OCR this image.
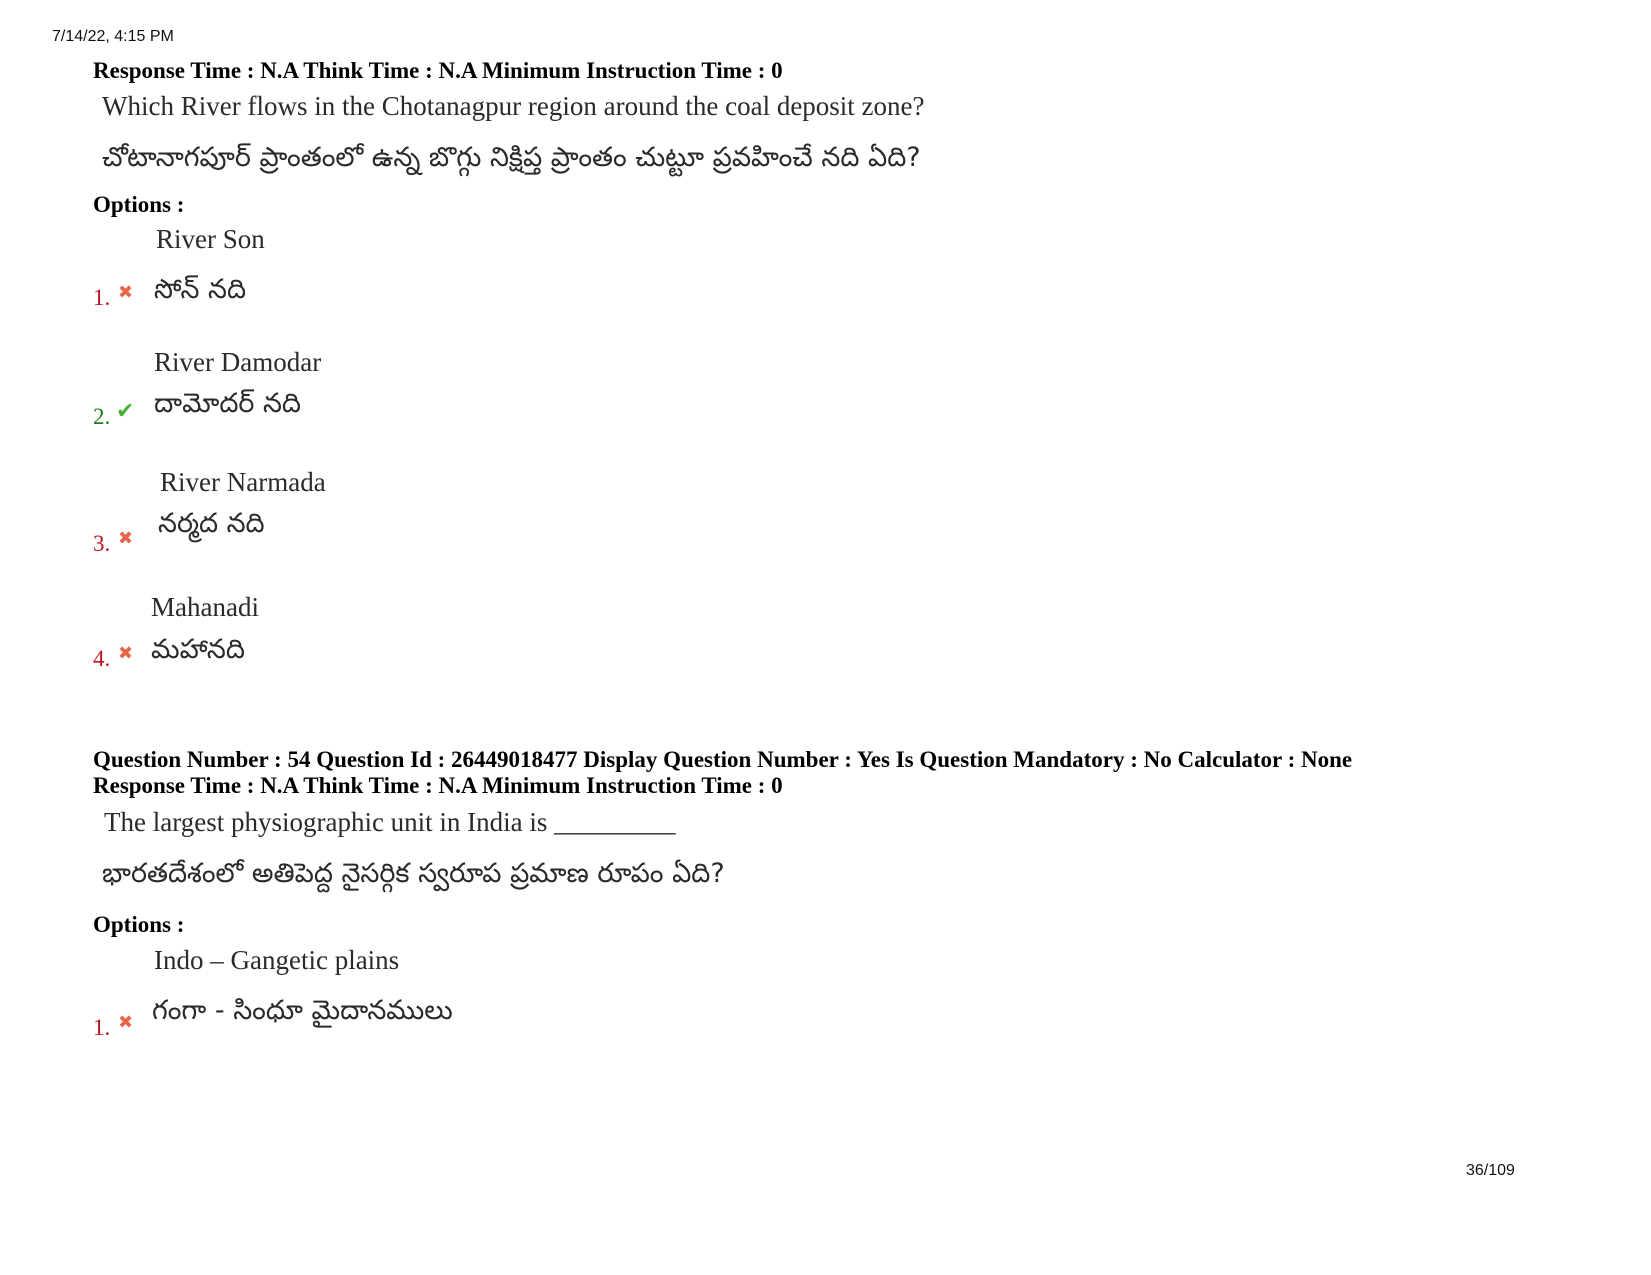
7/14/22, 4:15 PM
Response Time : N.A Think Time : N.A Minimum Instruction Time : 0
Which River flows in the Chotanagpur region around the coal deposit zone?
చోటానాగపూర్ ప్రాంతంలో ఉన్న బొగ్గు నిక్షిప్త ప్రాంతం చుట్టూ ప్రవహించే నది ఏది?
Options :
River Son
1. ✖ సోన్ నది
River Damodar
2. ✔ దామోదర్ నది
River Narmada
3. ✖ నర్మద నది
Mahanadi
4. ✖ మహానది
Question Number : 54 Question Id : 26449018477 Display Question Number : Yes Is Question Mandatory : No Calculator : None
Response Time : N.A Think Time : N.A Minimum Instruction Time : 0
The largest physiographic unit in India is _________
భారతదేశంలో అతిపెద్ద నైసర్గిక స్వరూప ప్రమాణ రూపం ఏది?
Options :
Indo – Gangetic plains
1. ✖ గంగా - సింధూ మైదానములు
36/109
